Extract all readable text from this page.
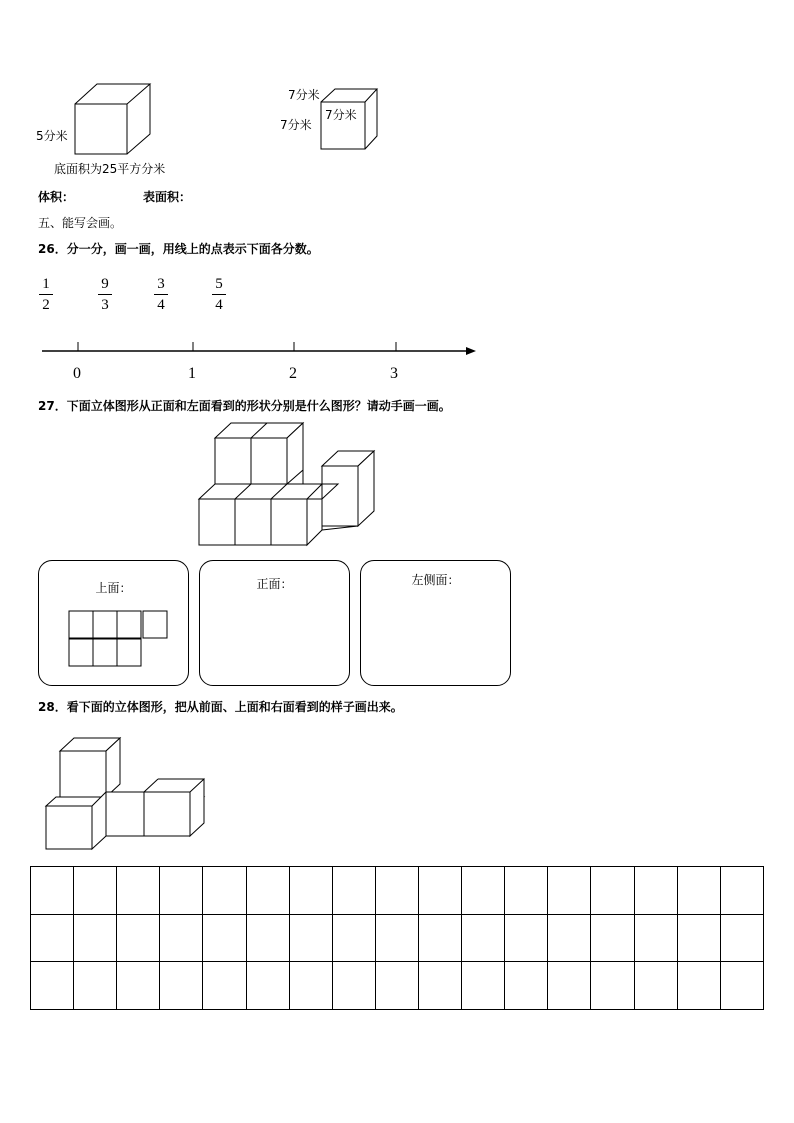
5分米
底面积为25平方分米
7分米
7分米
7分米
体积：	表面积：
五、能写会画。
26．分一分，画一画，用线上的点表示下面各分数。
1
2
9
3
3
4
5
4
0	1	2	3
27．下面立体图形从正面和左面看到的形状分别是什么图形？请动手画一画。
上面：	正面：	左侧面：
28．看下面的立体图形，把从前面、上面和右面看到的样子画出来。
